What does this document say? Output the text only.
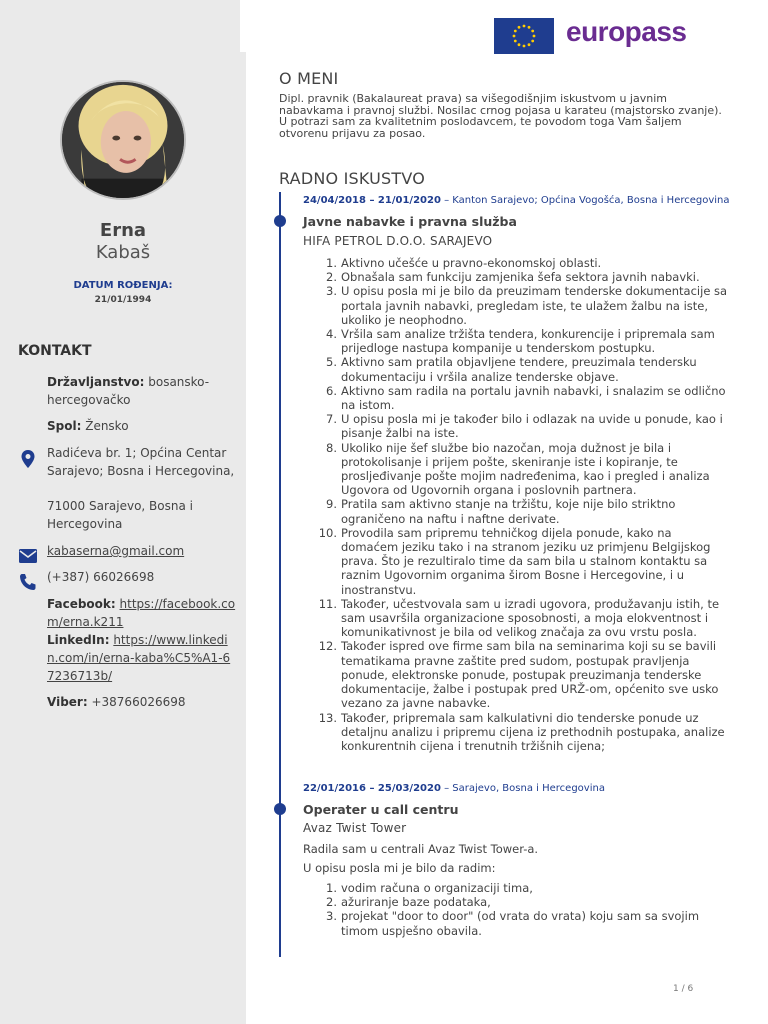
Erna
Kabaš
DATUM ROĐENJA:
21/01/1994
KONTAKT
Državljanstvo: bosansko-hercegovačko
Spol: Žensko
Radićeva br. 1; Općina Centar Sarajevo; Bosna i Hercegovina,
71000 Sarajevo, Bosna i Hercegovina
kabaserna@gmail.com
(+387) 66026698
Facebook: https://facebook.com/erna.k211
LinkedIn: https://www.linkedin.com/in/erna-kaba%C5%A1-67236713b/
Viber: +38766026698
europass
O MENI
Dipl. pravnik (Bakalaureat prava) sa višegodišnjim iskustvom u javnim nabavkama i pravnoj službi. Nosilac crnog pojasa u karateu (majstorsko zvanje). U potrazi sam za kvalitetnim poslodavcem, te povodom toga Vam šaljem otvorenu prijavu za posao.
RADNO ISKUSTVO
24/04/2018 – 21/01/2020 – Kanton Sarajevo; Općina Vogošća, Bosna i Hercegovina
Javne nabavke i pravna služba
HIFA PETROL D.O.O. SARAJEVO
1. Aktivno učešće u pravno-ekonomskoj oblasti.
2. Obnašala sam funkciju zamjenika šefa sektora javnih nabavki.
3. U opisu posla mi je bilo da preuzimam tenderske dokumentacije sa portala javnih nabavki, pregledam iste, te ulažem žalbu na iste, ukoliko je neophodno.
4. Vršila sam analize tržišta tendera, konkurencije i pripremala sam prijedloge nastupa kompanije u tenderskom postupku.
5. Aktivno sam pratila objavljene tendere, preuzimala tendersku dokumentaciju i vršila analize tenderske objave.
6. Aktivno sam radila na portalu javnih nabavki, i snalazim se odlično na istom.
7. U opisu posla mi je također bilo i odlazak na uvide u ponude, kao i pisanje žalbi na iste.
8. Ukoliko nije šef službe bio nazočan, moja dužnost je bila i protokolisanje i prijem pošte, skeniranje iste i kopiranje, te prosljeđivanje pošte mojim nadređenima, kao i pregled i analiza Ugovora od Ugovornih organa i poslovnih partnera.
9. Pratila sam aktivno stanje na tržištu, koje nije bilo striktno ograničeno na naftu i naftne derivate.
10. Provodila sam pripremu tehničkog dijela ponude, kako na domaćem jeziku tako i na stranom jeziku uz primjenu Belgijskog prava. Što je rezultiralo time da sam bila u stalnom kontaktu sa raznim Ugovornim organima širom Bosne i Hercegovine, i u inostranstvu.
11. Također, učestvovala sam u izradi ugovora, produžavanju istih, te sam usavršila organizacione sposobnosti, a moja elokventnost i komunikativnost je bila od velikog značaja za ovu vrstu posla.
12. Također ispred ove firme sam bila na seminarima koji su se bavili tematikama pravne zaštite pred sudom, postupak pravljenja ponude, elektronske ponude, postupak preuzimanja tenderske dokumentacije, žalbe i postupak pred URŽ-om, općenito sve usko vezano za javne nabavke.
13. Također, pripremala sam kalkulativni dio tenderske ponude uz detaljnu analizu i pripremu cijena iz prethodnih postupaka, analize konkurentnih cijena i trenutnih tržišnih cijena;
22/01/2016 – 25/03/2020 – Sarajevo, Bosna i Hercegovina
Operater u call centru
Avaz Twist Tower
Radila sam u centrali Avaz Twist Tower-a.
U opisu posla mi je bilo da radim:
1. vodim računa o organizaciji tima,
2. ažuriranje baze podataka,
3. projekat "door to door" (od vrata do vrata) koju sam sa svojim timom uspješno obavila.
1 / 6
